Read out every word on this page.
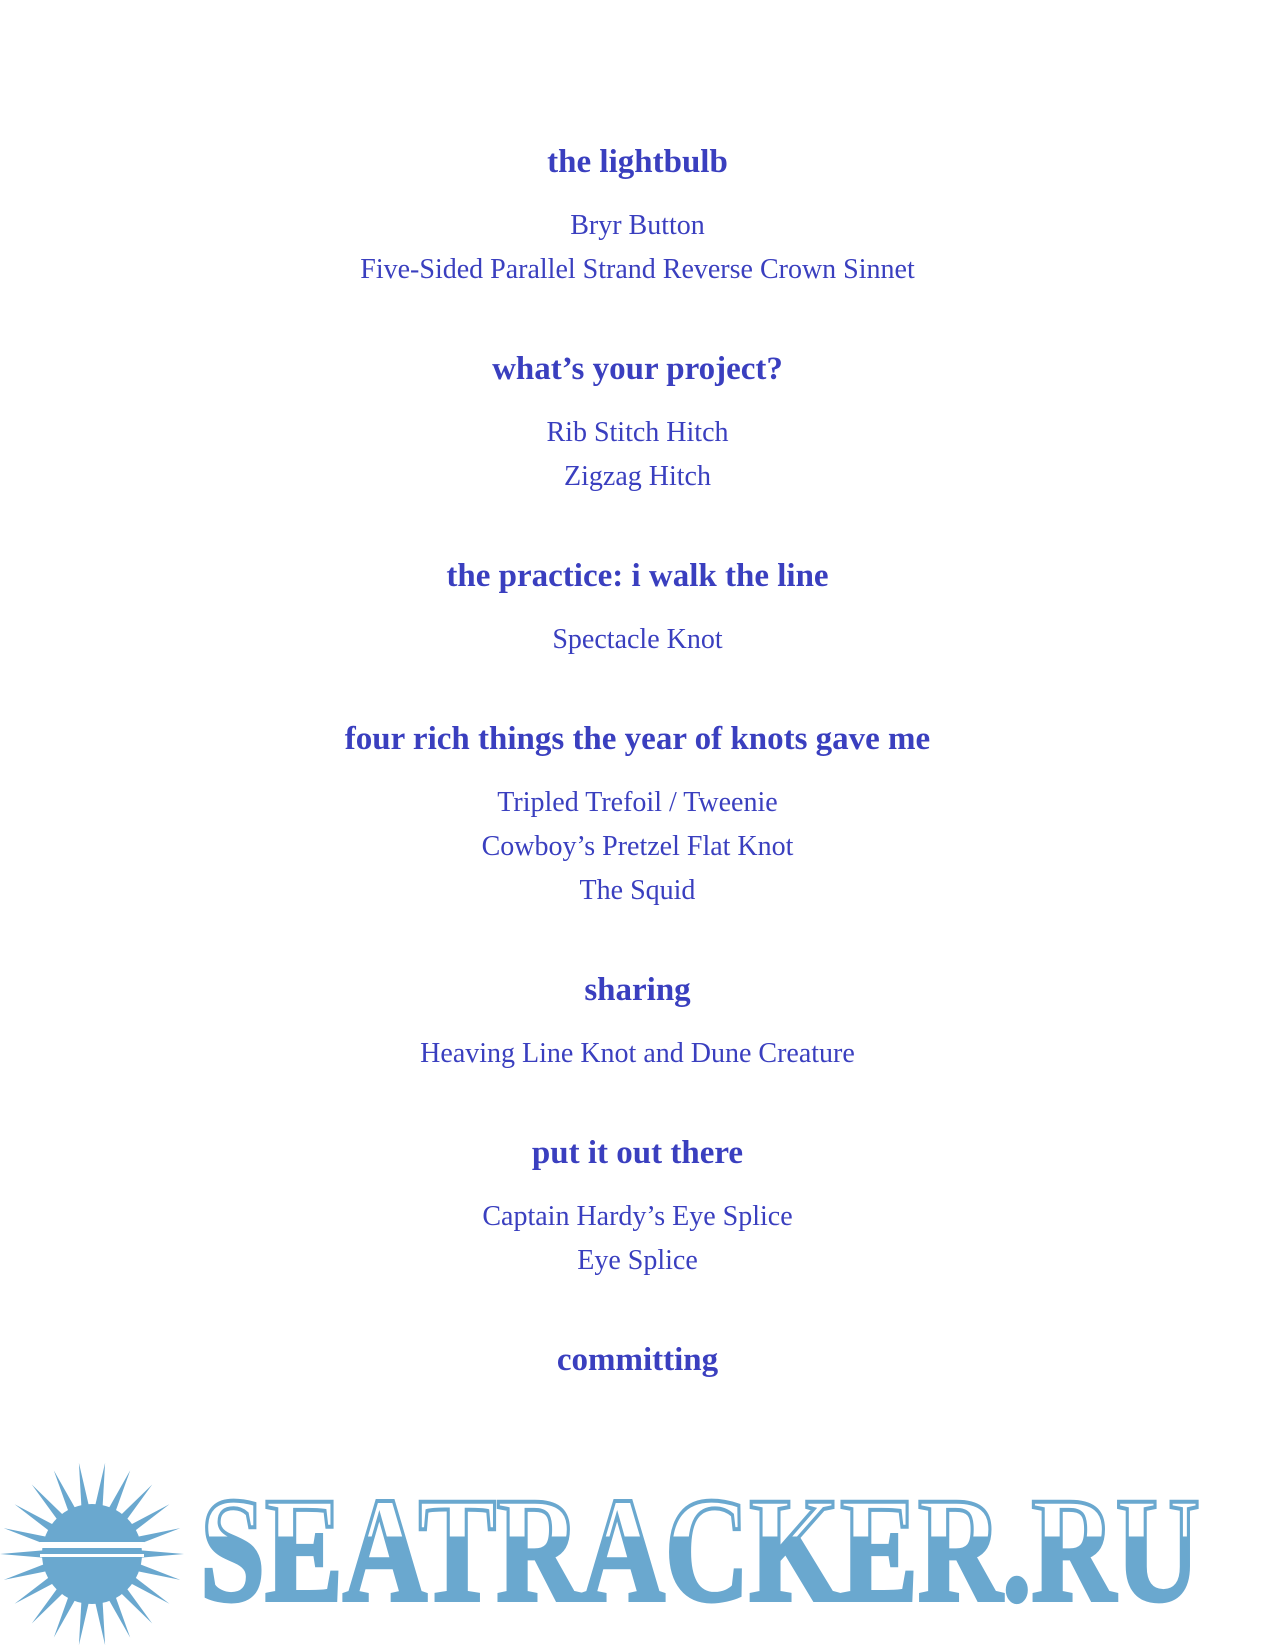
the lightbulb
Bryr Button
Five-Sided Parallel Strand Reverse Crown Sinnet
what’s your project?
Rib Stitch Hitch
Zigzag Hitch
the practice: i walk the line
Spectacle Knot
four rich things the year of knots gave me
Tripled Trefoil / Tweenie
Cowboy’s Pretzel Flat Knot
The Squid
sharing
Heaving Line Knot and Dune Creature
put it out there
Captain Hardy’s Eye Splice
Eye Splice
committing
SEATRACKER.RU
